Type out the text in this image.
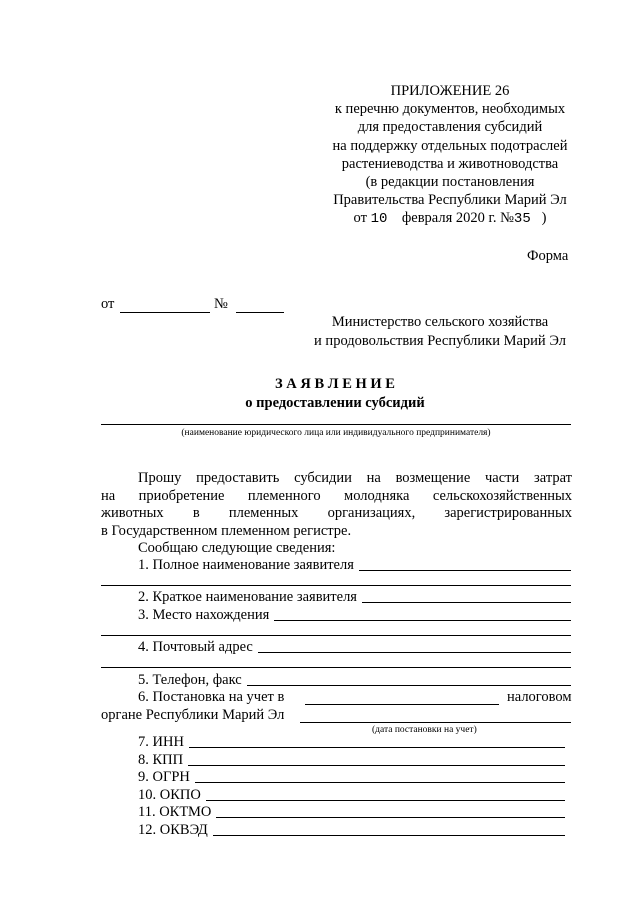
ПРИЛОЖЕНИЕ 26
к перечню документов, необходимых
для предоставления субсидий
на поддержку отдельных подотраслей
растениеводства и животноводства
(в редакции постановления
Правительства Республики Марий Эл
от 10 февраля 2020 г. №35 )
Форма
от	№
Министерство сельского хозяйства
и продовольствия Республики Марий Эл
З А Я В Л Е Н И Е
о предоставлении субсидий
(наименование юридического лица или индивидуального предпринимателя)
Прошу предоставить субсидии на возмещение части затрат
на приобретение племенного молодняка сельскохозяйственных
животных в племенных организациях, зарегистрированных
в Государственном племенном регистре.
Сообщаю следующие сведения:
1. Полное наименование заявителя
2. Краткое наименование заявителя
3. Место нахождения
4. Почтовый адрес
5. Телефон, факс
6. Постановка на учет в	налоговом
органе Республики Марий Эл
(дата постановки на учет)
7. ИНН
8. КПП
9. ОГРН
10. ОКПО
11. ОКТМО
12. ОКВЭД
